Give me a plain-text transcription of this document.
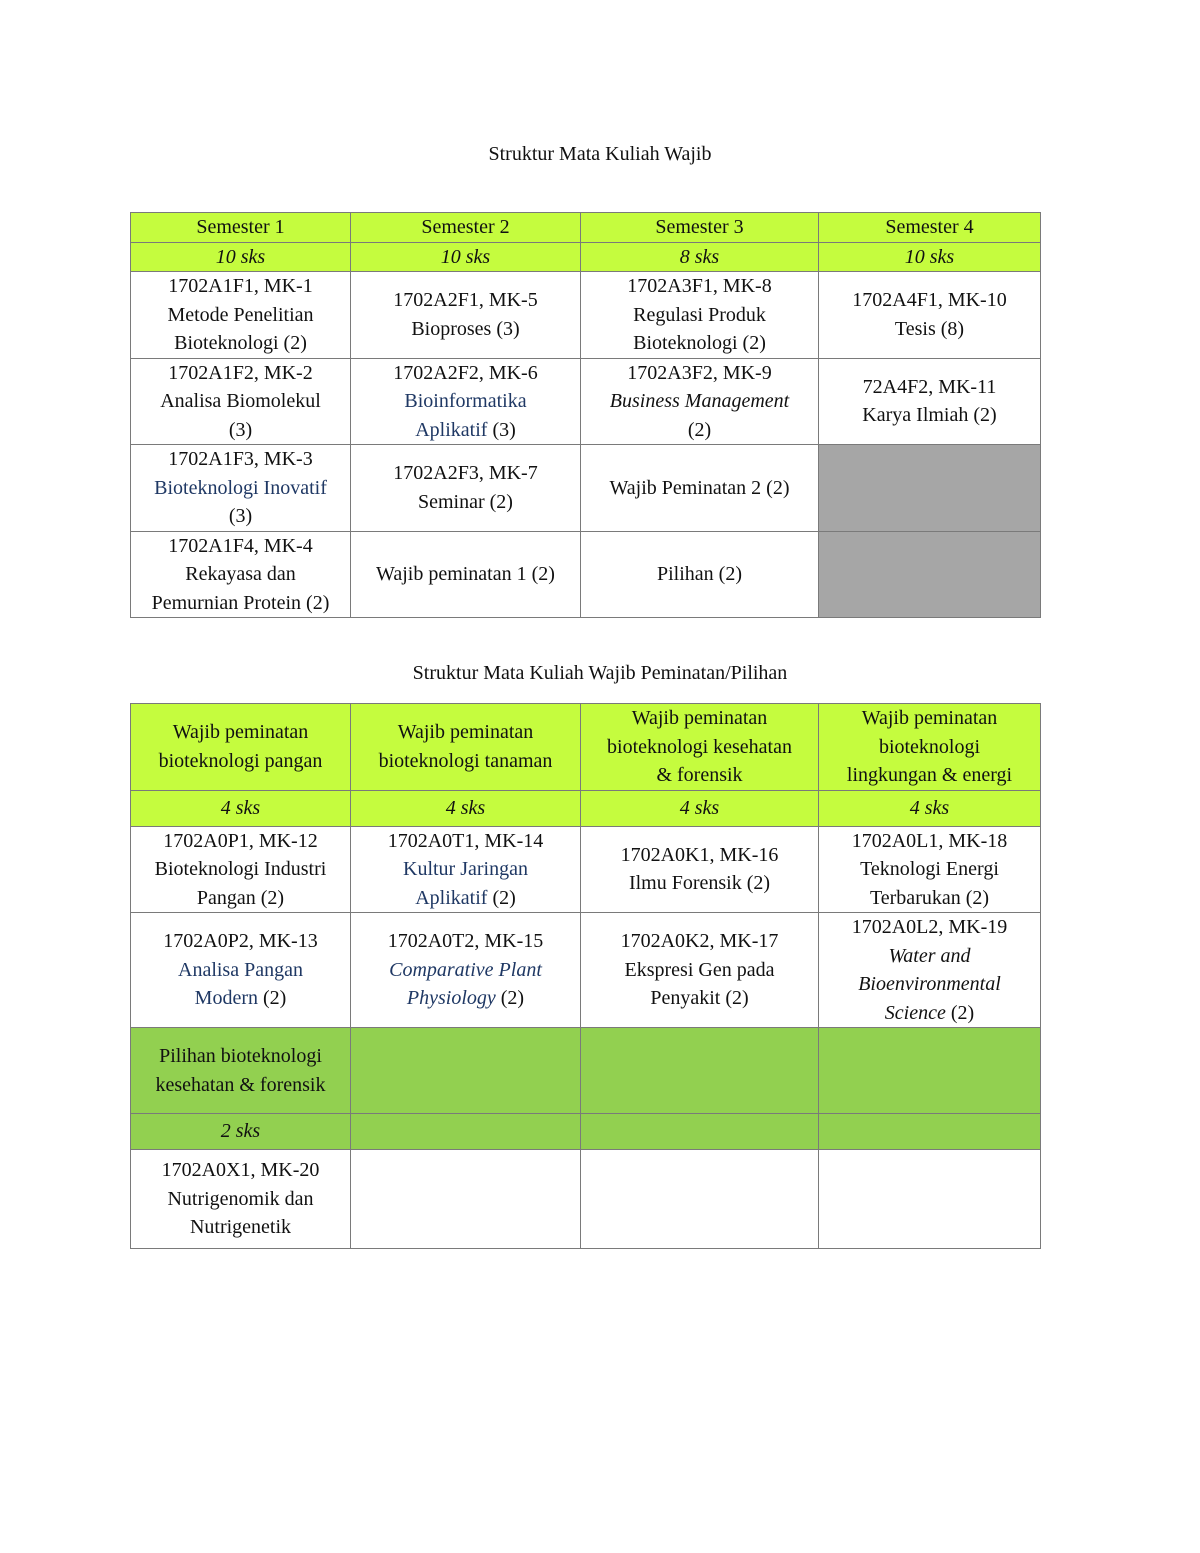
Struktur Mata Kuliah Wajib
Semester 1	Semester 2	Semester 3	Semester 4
10 sks	10 sks	8 sks	10 sks

1702A1F1, MK-1
Metode Penelitian
Bioteknologi (2)	1702A2F1, MK-5
Bioproses (3)	1702A3F1, MK-8
Regulasi Produk
Bioteknologi (2)	1702A4F1, MK-10
Tesis (8)

1702A1F2, MK-2
Analisa Biomolekul
(3)	1702A2F2, MK-6
Bioinformatika
Aplikatif (3)	1702A3F2, MK-9
Business Management
(2)	72A4F2, MK-11
Karya Ilmiah (2)

1702A1F3, MK-3
Bioteknologi Inovatif
(3)	1702A2F3, MK-7
Seminar (2)	Wajib Peminatan 2 (2)	

1702A1F4, MK-4
Rekayasa dan
Pemurnian Protein (2)	Wajib peminatan 1 (2)	Pilihan (2)	

Struktur Mata Kuliah Wajib Peminatan/Pilihan
Wajib peminatan
bioteknologi pangan	Wajib peminatan
bioteknologi tanaman	Wajib peminatan
bioteknologi kesehatan
& forensik	Wajib peminatan
bioteknologi
lingkungan & energi

4 sks	4 sks	4 sks	4 sks

1702A0P1, MK-12
Bioteknologi Industri
Pangan (2)	1702A0T1, MK-14
Kultur Jaringan
Aplikatif (2)	1702A0K1, MK-16
Ilmu Forensik (2)	1702A0L1, MK-18
Teknologi Energi
Terbarukan (2)

1702A0P2, MK-13
Analisa Pangan
Modern (2)	1702A0T2, MK-15
Comparative Plant
Physiology (2)	1702A0K2, MK-17
Ekspresi Gen pada
Penyakit (2)	1702A0L2, MK-19
Water and
Bioenvironmental
Science (2)

Pilihan bioteknologi
kesehatan & forensik			

2 sks			

1702A0X1, MK-20
Nutrigenomik dan
Nutrigenetik			
